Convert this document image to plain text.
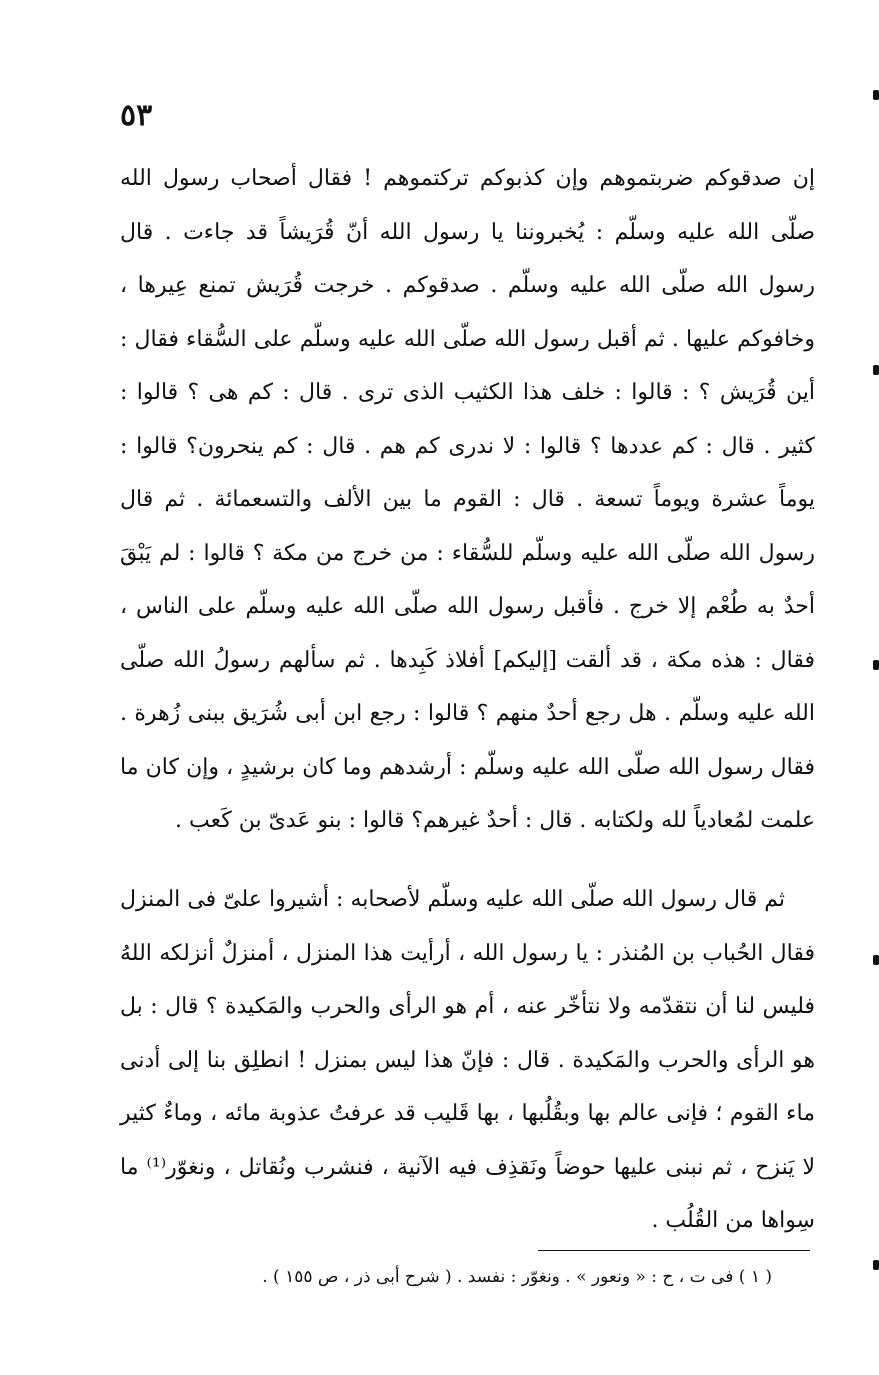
٥٣
إن صدقوكم ضربتموهم وإن كذبوكم تركتموهم ! فقال أصحاب رسول الله صلّى الله عليه وسلّم : يُخبروننا يا رسول الله أنّ قُرَيشاً قد جاءت . قال رسول الله صلّى الله عليه وسلّم . صدقوكم . خرجت قُرَيش تمنع عِيرها ، وخافوكم عليها . ثم أقبل رسول الله صلّى الله عليه وسلّم على السُّقاء فقال : أين قُرَيش ؟ : قالوا : خلف هذا الكثيب الذى ترى . قال : كم هى ؟ قالوا : كثير . قال : كم عددها ؟ قالوا : لا ندرى كم هم . قال : كم ينحرون؟ قالوا : يوماً عشرة ويوماً تسعة . قال : القوم ما بين الألف والتسعمائة . ثم قال رسول الله صلّى الله عليه وسلّم للسُّقاء : من خرج من مكة ؟ قالوا : لم يَبْقَ أحدٌ به طُعْم إلا خرج . فأقبل رسول الله صلّى الله عليه وسلّم على الناس ، فقال : هذه مكة ، قد ألقت [إليكم] أفلاذ كَبِدها . ثم سألهم رسولُ الله صلّى الله عليه وسلّم . هل رجع أحدٌ منهم ؟ قالوا : رجع ابن أبى شُرَيق ببنى زُهرة . فقال رسول الله صلّى الله عليه وسلّم : أرشدهم وما كان برشيدٍ ، وإن كان ما علمت لمُعادياً لله ولكتابه . قال : أحدٌ غيرهم؟ قالوا : بنو عَدىّ بن كَعب .
ثم قال رسول الله صلّى الله عليه وسلّم لأصحابه : أشيروا علىّ فى المنزل فقال الحُباب بن المُنذر : يا رسول الله ، أرأيت هذا المنزل ، أمنزلٌ أنزلكه اللهُ فليس لنا أن نتقدّمه ولا نتأخّر عنه ، أم هو الرأى والحرب والمَكيدة ؟ قال : بل هو الرأى والحرب والمَكيدة . قال : فإنّ هذا ليس بمنزل ! انطلِق بنا إلى أدنى ماء القوم ؛ فإنى عالم بها وبقُلُبها ، بها قَليب قد عرفتُ عذوبة مائه ، وماءٌ كثير لا يَنزح ، ثم نبنى عليها حوضاً ونَقذِف فيه الآنية ، فنشرب ونُقاتل ، ونغوّر⁽¹⁾ ما سِواها من القُلُب .
( ١ ) فى ت ، ح : « ونعور » . ونغوّر : نفسد . ( شرح أبى ذر ، ص ١٥٥ ) .
